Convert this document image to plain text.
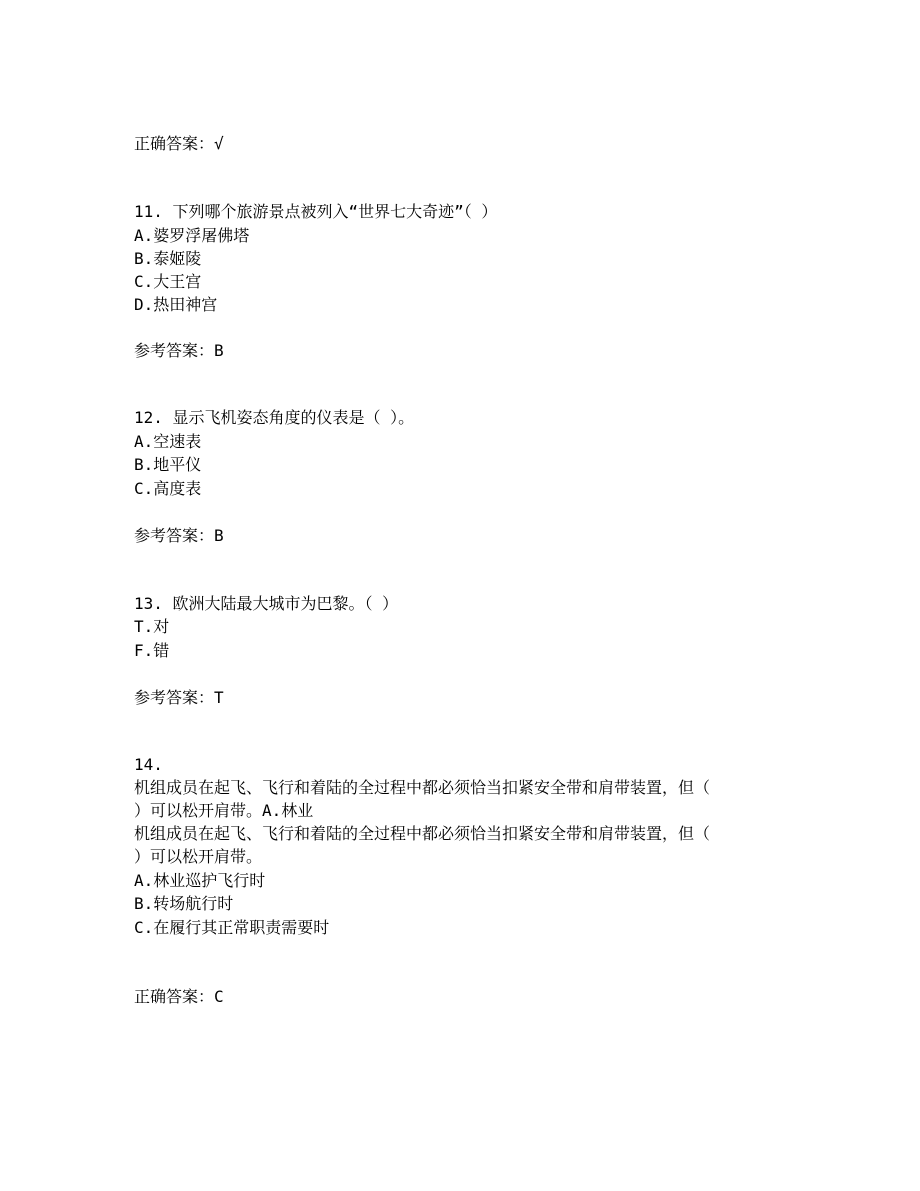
正确答案：√
11. 下列哪个旅游景点被列入“世界七大奇迹”（ ）
A.婆罗浮屠佛塔
B.泰姬陵
C.大王宫
D.热田神宫
参考答案：B
12. 显示飞机姿态角度的仪表是（ ）。
A.空速表
B.地平仪
C.高度表
参考答案：B
13. 欧洲大陆最大城市为巴黎。（ ）
T.对
F.错
参考答案：T
14.
机组成员在起飞、飞行和着陆的全过程中都必须恰当扣紧安全带和肩带装置，但（
）可以松开肩带。A.林业
机组成员在起飞、飞行和着陆的全过程中都必须恰当扣紧安全带和肩带装置，但（
）可以松开肩带。
A.林业巡护飞行时
B.转场航行时
C.在履行其正常职责需要时
正确答案：C
